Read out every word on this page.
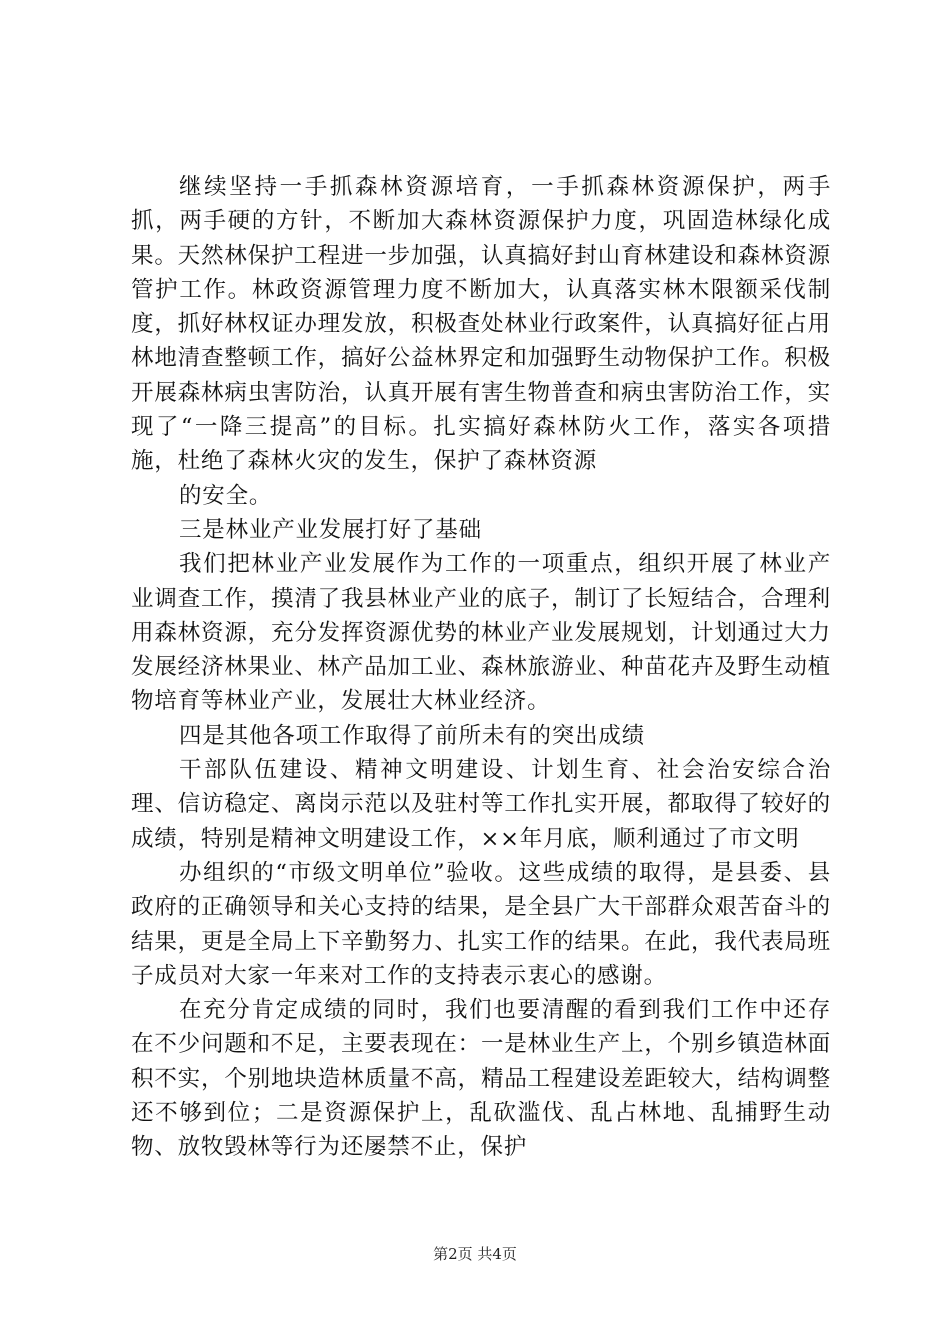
继续坚持一手抓森林资源培育，一手抓森林资源保护，两手抓，两手硬的方针，不断加大森林资源保护力度，巩固造林绿化成果。天然林保护工程进一步加强，认真搞好封山育林建设和森林资源管护工作。林政资源管理力度不断加大，认真落实林木限额采伐制度，抓好林权证办理发放，积极查处林业行政案件，认真搞好征占用林地清查整顿工作，搞好公益林界定和加强野生动物保护工作。积极开展森林病虫害防治，认真开展有害生物普查和病虫害防治工作，实现了“一降三提高”的目标。扎实搞好森林防火工作，落实各项措施，杜绝了森林火灾的发生，保护了森林资源

的安全。

三是林业产业发展打好了基础

我们把林业产业发展作为工作的一项重点，组织开展了林业产业调查工作，摸清了我县林业产业的底子，制订了长短结合，合理利用森林资源，充分发挥资源优势的林业产业发展规划，计划通过大力发展经济林果业、林产品加工业、森林旅游业、种苗花卉及野生动植物培育等林业产业，发展壮大林业经济。

四是其他各项工作取得了前所未有的突出成绩

干部队伍建设、精神文明建设、计划生育、社会治安综合治理、信访稳定、离岗示范以及驻村等工作扎实开展，都取得了较好的成绩，特别是精神文明建设工作，××年月底，顺利通过了市文明

办组织的“市级文明单位”验收。这些成绩的取得，是县委、县政府的正确领导和关心支持的结果，是全县广大干部群众艰苦奋斗的结果，更是全局上下辛勤努力、扎实工作的结果。在此，我代表局班子成员对大家一年来对工作的支持表示衷心的感谢。

在充分肯定成绩的同时，我们也要清醒的看到我们工作中还存在不少问题和不足，主要表现在：一是林业生产上，个别乡镇造林面积不实，个别地块造林质量不高，精品工程建设差距较大，结构调整还不够到位；二是资源保护上，乱砍滥伐、乱占林地、乱捕野生动物、放牧毁林等行为还屡禁不止，保护

第2页 共4页
